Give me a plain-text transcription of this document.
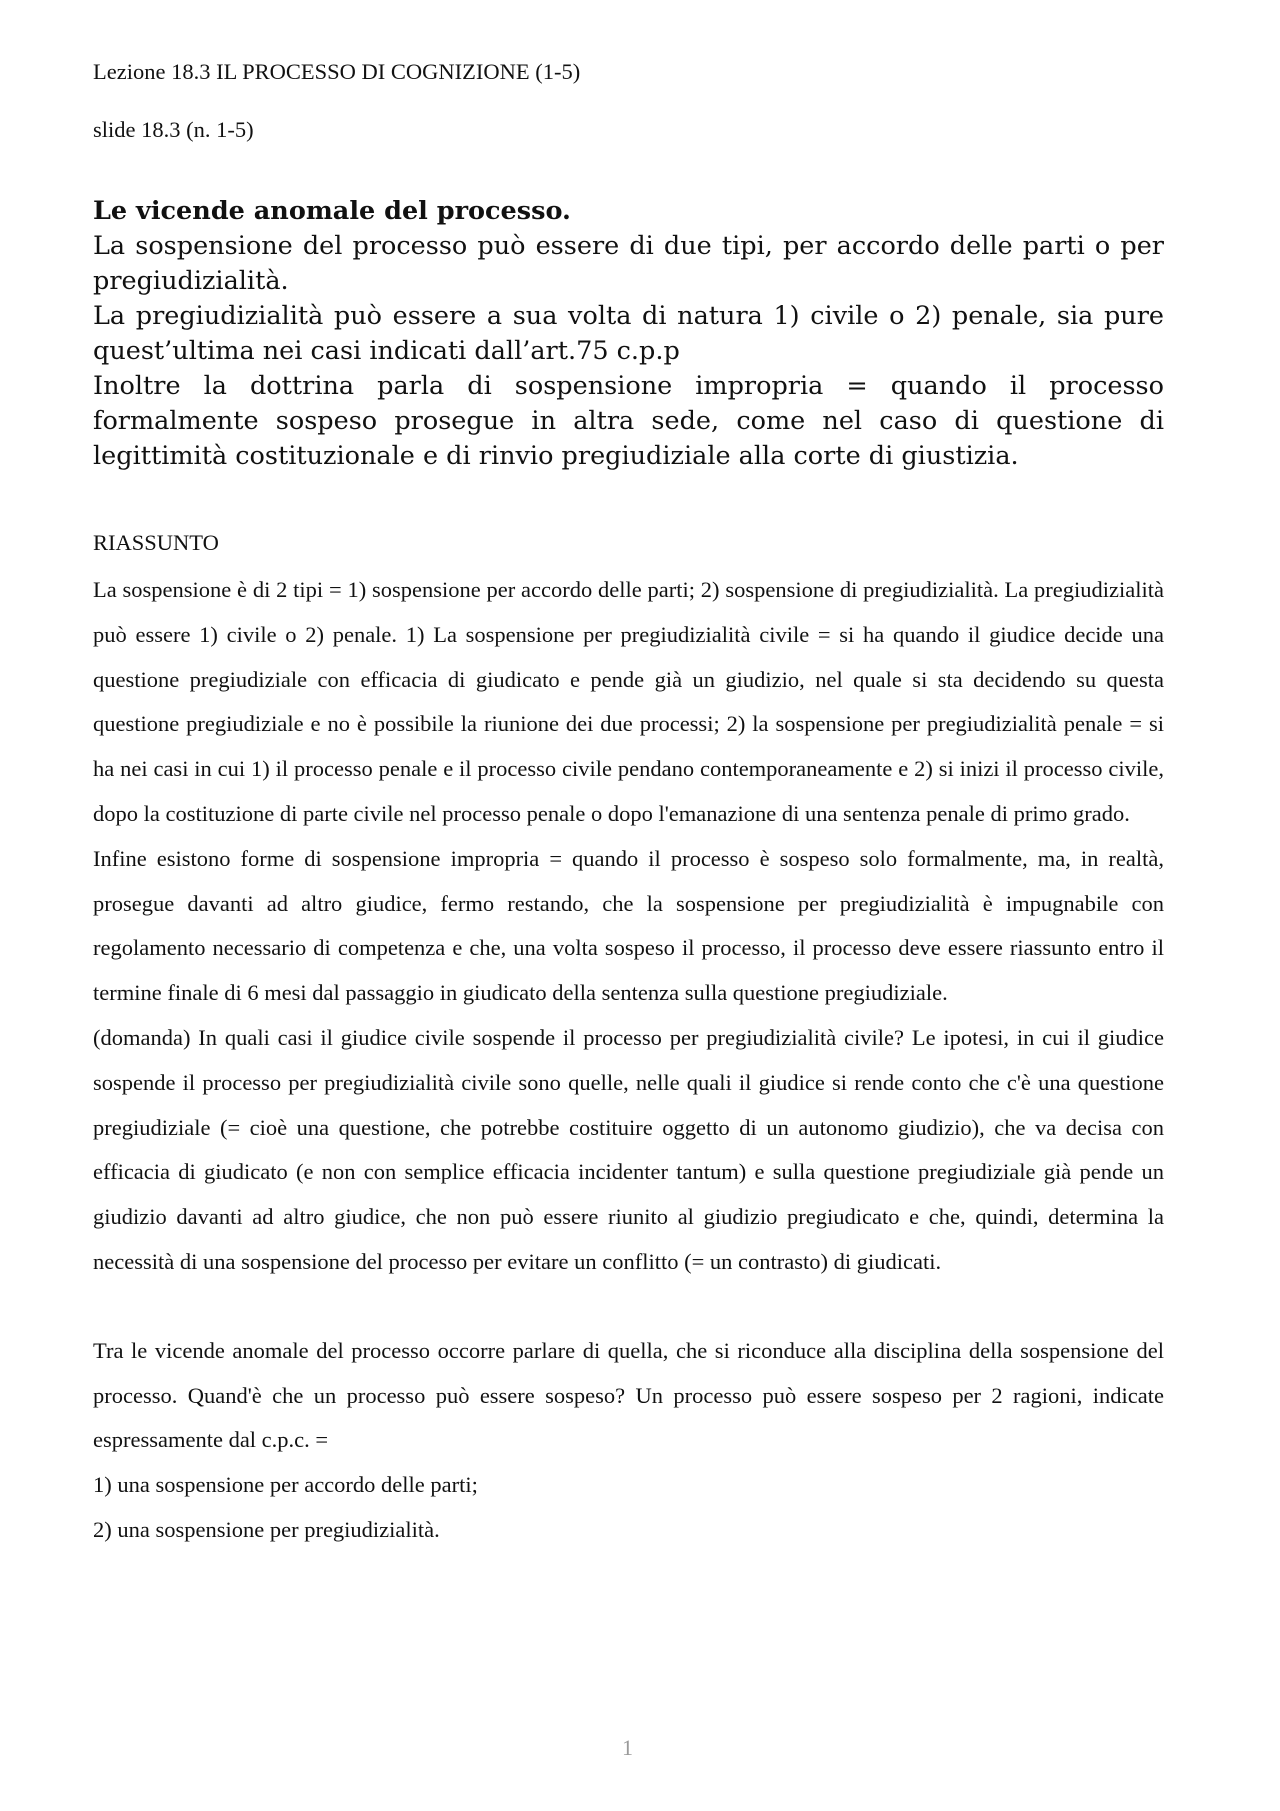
Lezione 18.3 IL PROCESSO DI COGNIZIONE (1-5)

slide 18.3 (n. 1-5)

Le vicende anomale del processo.

La sospensione del processo può essere di due tipi, per accordo delle parti o per pregiudizialità.

La pregiudizialità può essere a sua volta di natura 1) civile o 2) penale, sia pure quest’ultima nei casi indicati dall’art.75 c.p.p

Inoltre la dottrina parla di sospensione impropria = quando il processo formalmente sospeso prosegue in altra sede, come nel caso di questione di legittimità costituzionale e di rinvio pregiudiziale alla corte di giustizia.

RIASSUNTO

La sospensione è di 2 tipi = 1) sospensione per accordo delle parti; 2) sospensione di pregiudizialità. La pregiudizialità può essere 1) civile o 2) penale. 1) La sospensione per pregiudizialità civile = si ha quando il giudice decide una questione pregiudiziale con efficacia di giudicato e pende già un giudizio, nel quale si sta decidendo su questa questione pregiudiziale e no è possibile la riunione dei due processi; 2) la sospensione per pregiudizialità penale = si ha nei casi in cui 1) il processo penale e il processo civile pendano contemporaneamente e 2) si inizi il processo civile, dopo la costituzione di parte civile nel processo penale o dopo l'emanazione di una sentenza penale di primo grado.

Infine esistono forme di sospensione impropria = quando il processo è sospeso solo formalmente, ma, in realtà, prosegue davanti ad altro giudice, fermo restando, che la sospensione per pregiudizialità è impugnabile con regolamento necessario di competenza e che, una volta sospeso il processo, il processo deve essere riassunto entro il termine finale di 6 mesi dal passaggio in giudicato della sentenza sulla questione pregiudiziale.

(domanda) In quali casi il giudice civile sospende il processo per pregiudizialità civile? Le ipotesi, in cui il giudice sospende il processo per pregiudizialità civile sono quelle, nelle quali il giudice si rende conto che c'è una questione pregiudiziale (= cioè una questione, che potrebbe costituire oggetto di un autonomo giudizio), che va decisa con efficacia di giudicato (e non con semplice efficacia incidenter tantum) e sulla questione pregiudiziale già pende un giudizio davanti ad altro giudice, che non può essere riunito al giudizio pregiudicato e che, quindi, determina la necessità di una sospensione del processo per evitare un conflitto (= un contrasto) di giudicati.

Tra le vicende anomale del processo occorre parlare di quella, che si riconduce alla disciplina della sospensione del processo. Quand'è che un processo può essere sospeso? Un processo può essere sospeso per 2 ragioni, indicate espressamente dal c.p.c. =

1) una sospensione per accordo delle parti;

2) una sospensione per pregiudizialità.

1
